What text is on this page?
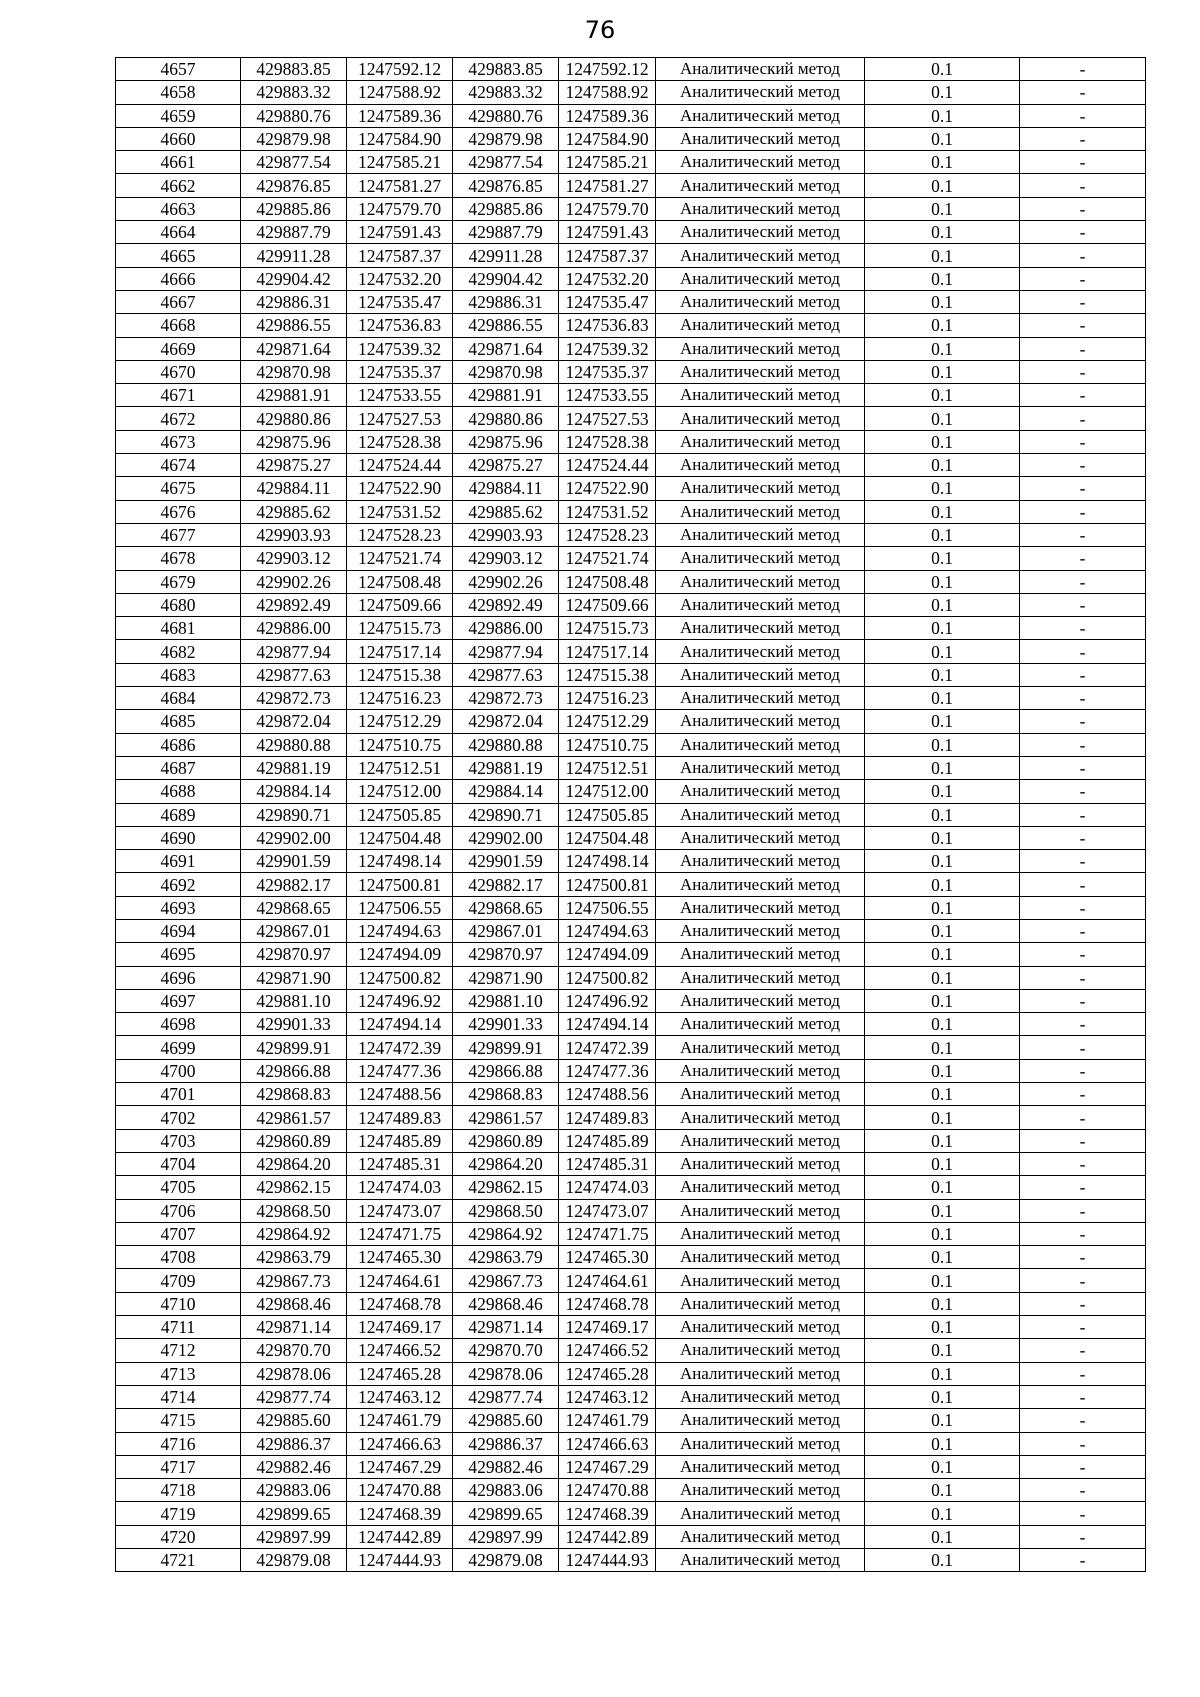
76
4657	429883.85	1247592.12	429883.85	1247592.12	Аналитический метод	0.1	-
4658	429883.32	1247588.92	429883.32	1247588.92	Аналитический метод	0.1	-
4659	429880.76	1247589.36	429880.76	1247589.36	Аналитический метод	0.1	-
4660	429879.98	1247584.90	429879.98	1247584.90	Аналитический метод	0.1	-
4661	429877.54	1247585.21	429877.54	1247585.21	Аналитический метод	0.1	-
4662	429876.85	1247581.27	429876.85	1247581.27	Аналитический метод	0.1	-
4663	429885.86	1247579.70	429885.86	1247579.70	Аналитический метод	0.1	-
4664	429887.79	1247591.43	429887.79	1247591.43	Аналитический метод	0.1	-
4665	429911.28	1247587.37	429911.28	1247587.37	Аналитический метод	0.1	-
4666	429904.42	1247532.20	429904.42	1247532.20	Аналитический метод	0.1	-
4667	429886.31	1247535.47	429886.31	1247535.47	Аналитический метод	0.1	-
4668	429886.55	1247536.83	429886.55	1247536.83	Аналитический метод	0.1	-
4669	429871.64	1247539.32	429871.64	1247539.32	Аналитический метод	0.1	-
4670	429870.98	1247535.37	429870.98	1247535.37	Аналитический метод	0.1	-
4671	429881.91	1247533.55	429881.91	1247533.55	Аналитический метод	0.1	-
4672	429880.86	1247527.53	429880.86	1247527.53	Аналитический метод	0.1	-
4673	429875.96	1247528.38	429875.96	1247528.38	Аналитический метод	0.1	-
4674	429875.27	1247524.44	429875.27	1247524.44	Аналитический метод	0.1	-
4675	429884.11	1247522.90	429884.11	1247522.90	Аналитический метод	0.1	-
4676	429885.62	1247531.52	429885.62	1247531.52	Аналитический метод	0.1	-
4677	429903.93	1247528.23	429903.93	1247528.23	Аналитический метод	0.1	-
4678	429903.12	1247521.74	429903.12	1247521.74	Аналитический метод	0.1	-
4679	429902.26	1247508.48	429902.26	1247508.48	Аналитический метод	0.1	-
4680	429892.49	1247509.66	429892.49	1247509.66	Аналитический метод	0.1	-
4681	429886.00	1247515.73	429886.00	1247515.73	Аналитический метод	0.1	-
4682	429877.94	1247517.14	429877.94	1247517.14	Аналитический метод	0.1	-
4683	429877.63	1247515.38	429877.63	1247515.38	Аналитический метод	0.1	-
4684	429872.73	1247516.23	429872.73	1247516.23	Аналитический метод	0.1	-
4685	429872.04	1247512.29	429872.04	1247512.29	Аналитический метод	0.1	-
4686	429880.88	1247510.75	429880.88	1247510.75	Аналитический метод	0.1	-
4687	429881.19	1247512.51	429881.19	1247512.51	Аналитический метод	0.1	-
4688	429884.14	1247512.00	429884.14	1247512.00	Аналитический метод	0.1	-
4689	429890.71	1247505.85	429890.71	1247505.85	Аналитический метод	0.1	-
4690	429902.00	1247504.48	429902.00	1247504.48	Аналитический метод	0.1	-
4691	429901.59	1247498.14	429901.59	1247498.14	Аналитический метод	0.1	-
4692	429882.17	1247500.81	429882.17	1247500.81	Аналитический метод	0.1	-
4693	429868.65	1247506.55	429868.65	1247506.55	Аналитический метод	0.1	-
4694	429867.01	1247494.63	429867.01	1247494.63	Аналитический метод	0.1	-
4695	429870.97	1247494.09	429870.97	1247494.09	Аналитический метод	0.1	-
4696	429871.90	1247500.82	429871.90	1247500.82	Аналитический метод	0.1	-
4697	429881.10	1247496.92	429881.10	1247496.92	Аналитический метод	0.1	-
4698	429901.33	1247494.14	429901.33	1247494.14	Аналитический метод	0.1	-
4699	429899.91	1247472.39	429899.91	1247472.39	Аналитический метод	0.1	-
4700	429866.88	1247477.36	429866.88	1247477.36	Аналитический метод	0.1	-
4701	429868.83	1247488.56	429868.83	1247488.56	Аналитический метод	0.1	-
4702	429861.57	1247489.83	429861.57	1247489.83	Аналитический метод	0.1	-
4703	429860.89	1247485.89	429860.89	1247485.89	Аналитический метод	0.1	-
4704	429864.20	1247485.31	429864.20	1247485.31	Аналитический метод	0.1	-
4705	429862.15	1247474.03	429862.15	1247474.03	Аналитический метод	0.1	-
4706	429868.50	1247473.07	429868.50	1247473.07	Аналитический метод	0.1	-
4707	429864.92	1247471.75	429864.92	1247471.75	Аналитический метод	0.1	-
4708	429863.79	1247465.30	429863.79	1247465.30	Аналитический метод	0.1	-
4709	429867.73	1247464.61	429867.73	1247464.61	Аналитический метод	0.1	-
4710	429868.46	1247468.78	429868.46	1247468.78	Аналитический метод	0.1	-
4711	429871.14	1247469.17	429871.14	1247469.17	Аналитический метод	0.1	-
4712	429870.70	1247466.52	429870.70	1247466.52	Аналитический метод	0.1	-
4713	429878.06	1247465.28	429878.06	1247465.28	Аналитический метод	0.1	-
4714	429877.74	1247463.12	429877.74	1247463.12	Аналитический метод	0.1	-
4715	429885.60	1247461.79	429885.60	1247461.79	Аналитический метод	0.1	-
4716	429886.37	1247466.63	429886.37	1247466.63	Аналитический метод	0.1	-
4717	429882.46	1247467.29	429882.46	1247467.29	Аналитический метод	0.1	-
4718	429883.06	1247470.88	429883.06	1247470.88	Аналитический метод	0.1	-
4719	429899.65	1247468.39	429899.65	1247468.39	Аналитический метод	0.1	-
4720	429897.99	1247442.89	429897.99	1247442.89	Аналитический метод	0.1	-
4721	429879.08	1247444.93	429879.08	1247444.93	Аналитический метод	0.1	-
